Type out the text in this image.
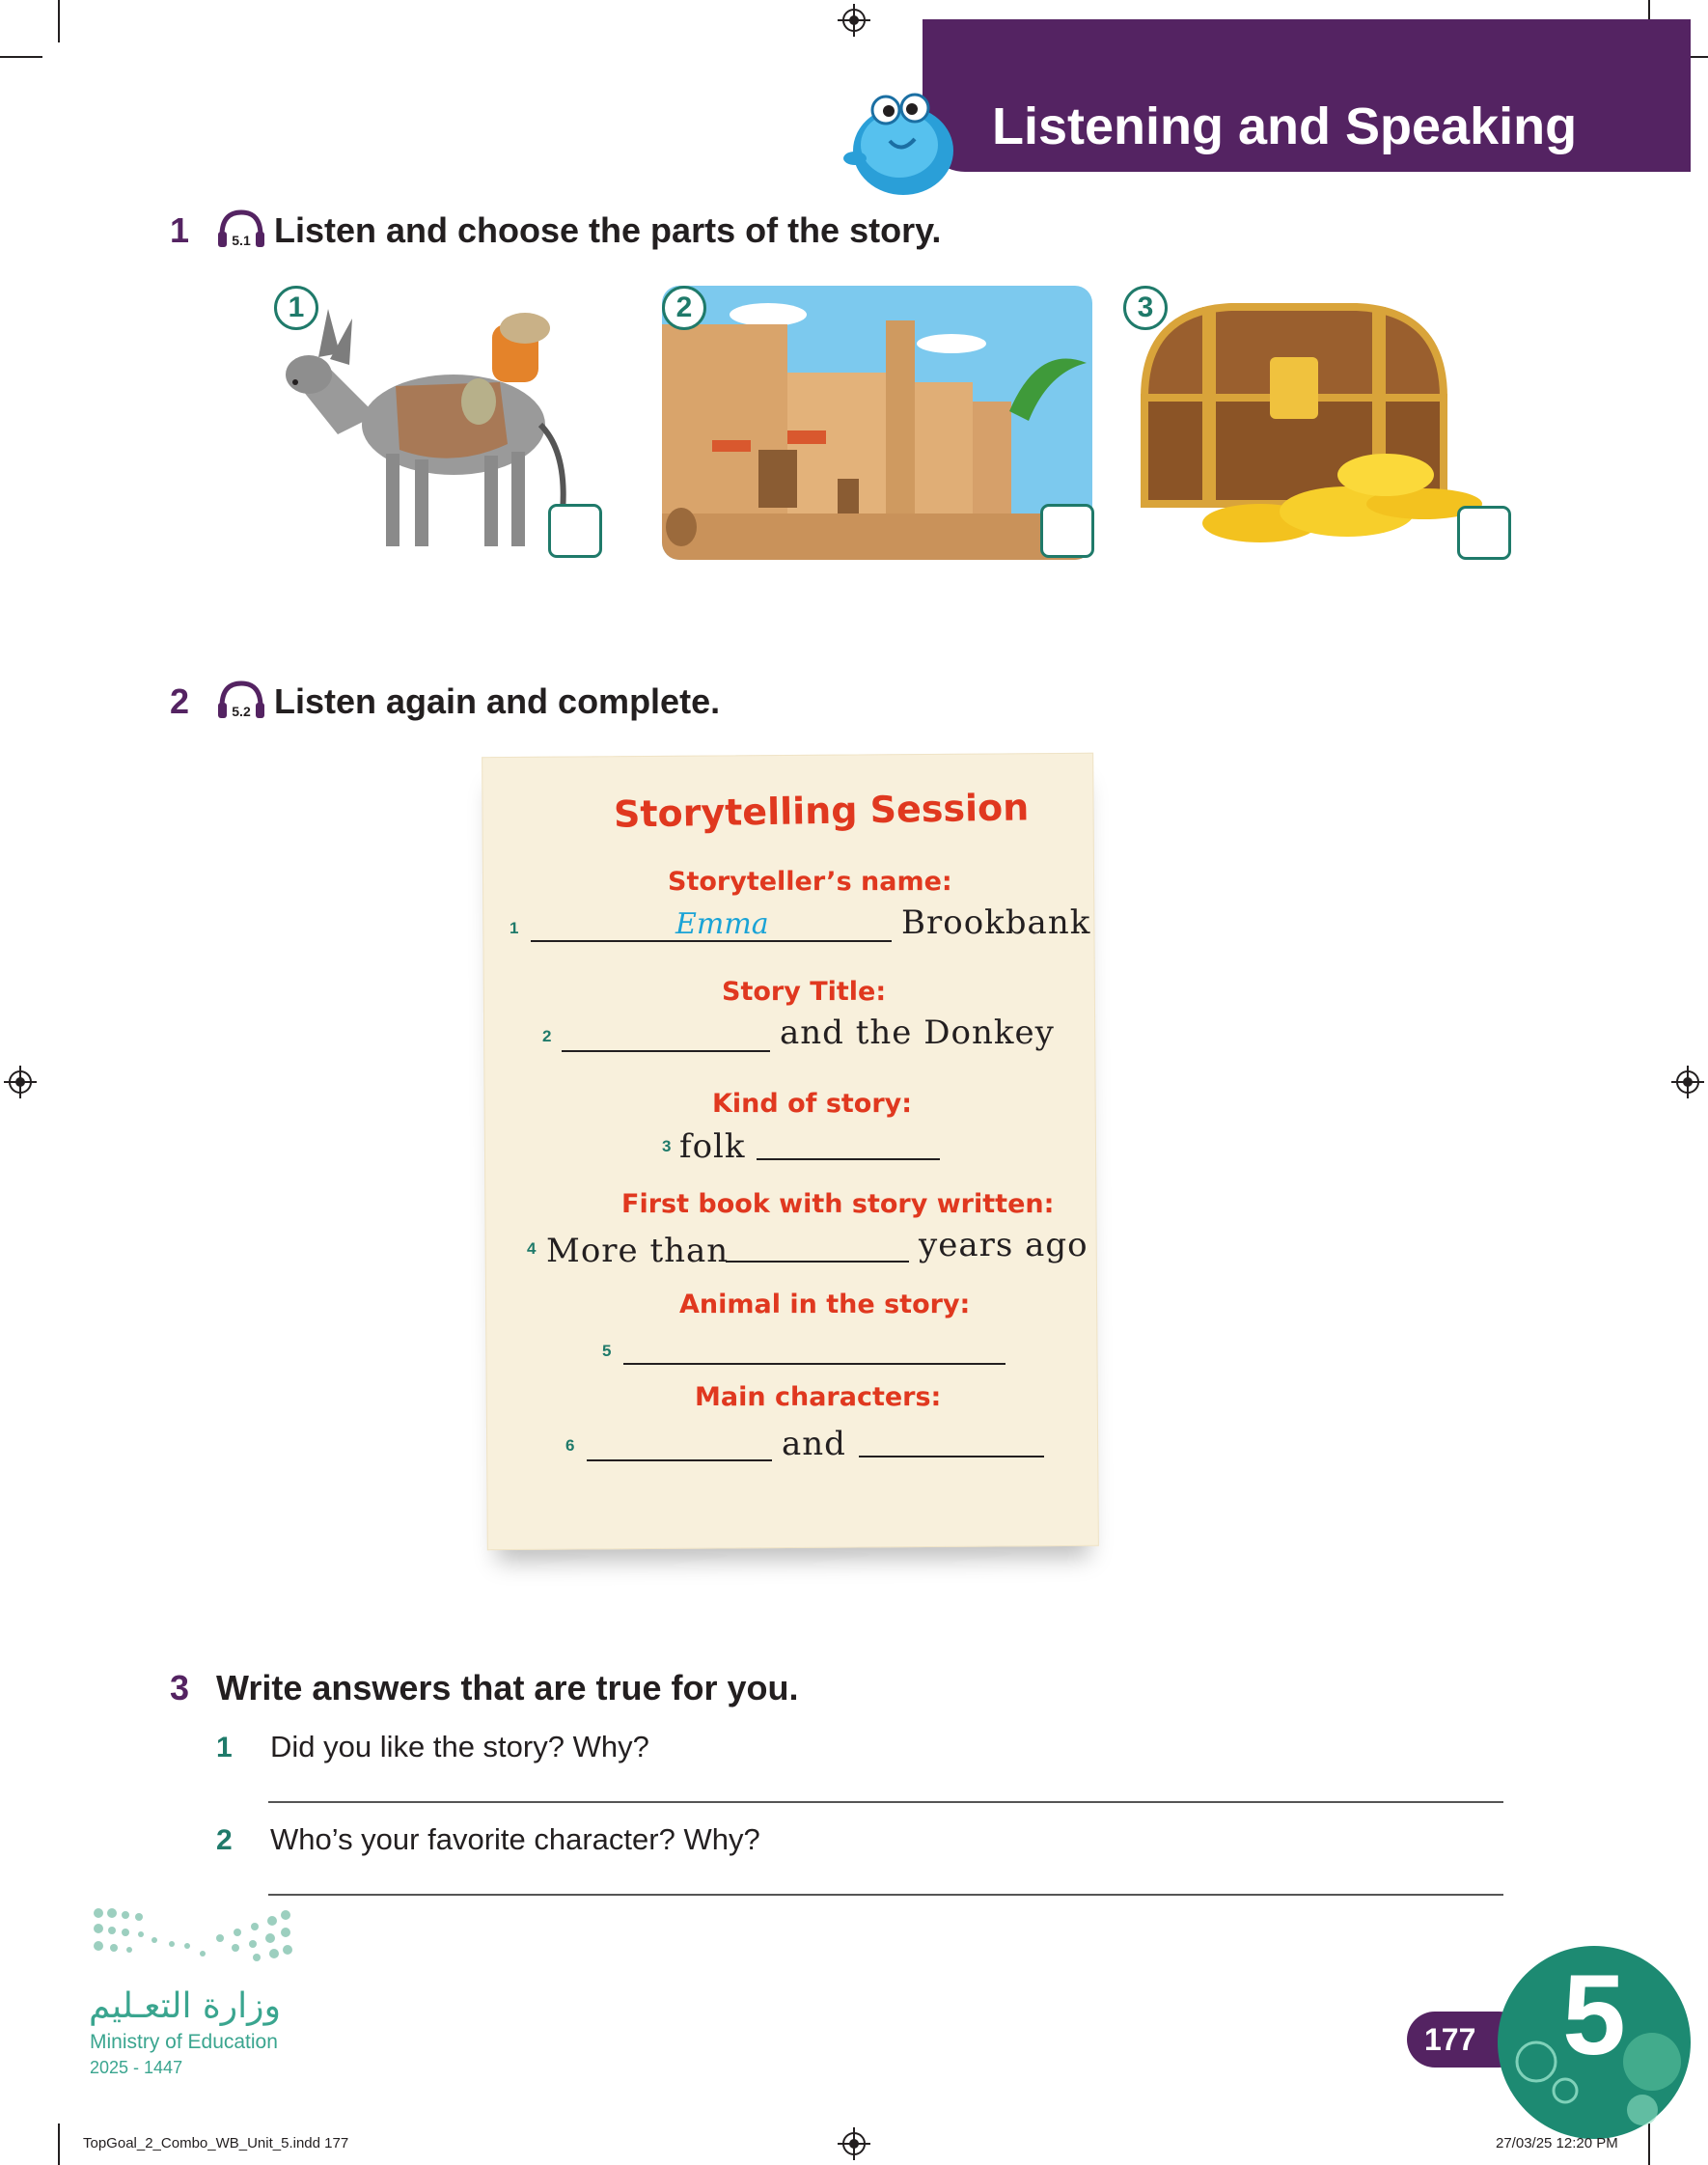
Listening and Speaking
1	5.1 Listen and choose the parts of the story.
1	2	3
2	5.2 Listen again and complete.
Storytelling Session
Storyteller’s name:
1	Emma	Brookbank
Story Title:
2	and the Donkey
Kind of story:
3 folk
First book with story written:
4 More than	years ago
Animal in the story:
5
Main characters:
6	and
3 Write answers that are true for you.
1 Did you like the story? Why?
2 Who’s your favorite character? Why?
وزارة التعـليم
Ministry of Education
2025 - 1447
177 5
TopGoal_2_Combo_WB_Unit_5.indd 177	27/03/25 12:20 PM
